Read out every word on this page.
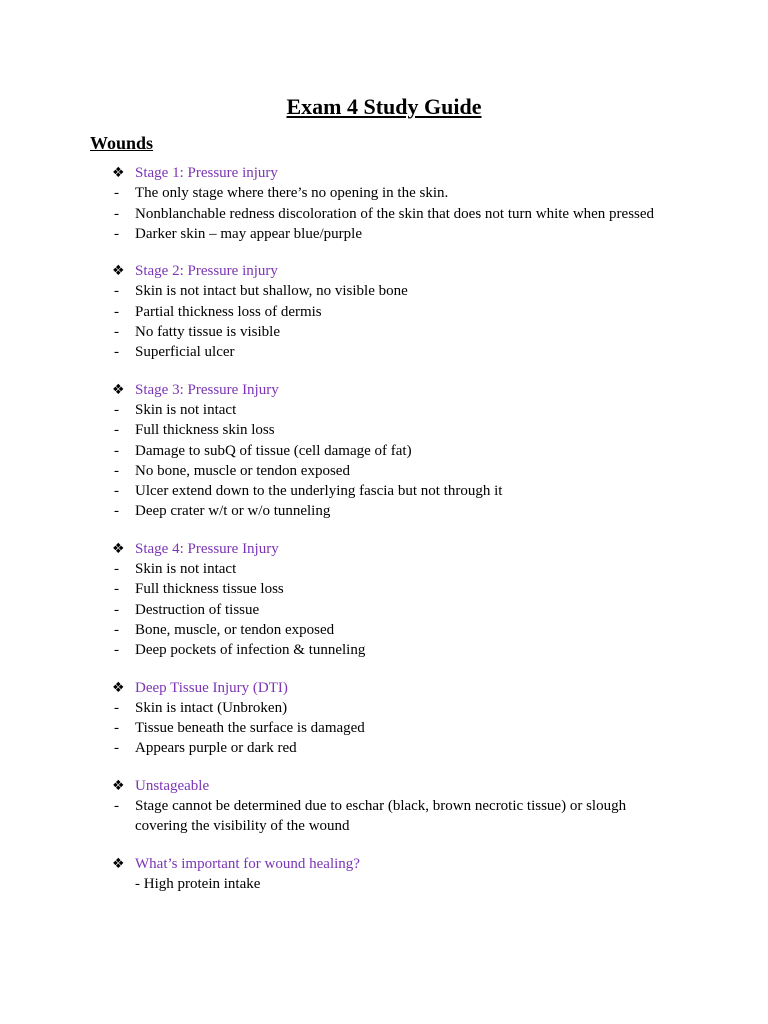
Exam 4 Study Guide
Wounds
❖ Stage 1: Pressure injury
-	The only stage where there’s no opening in the skin.
-	Nonblanchable redness discoloration of the skin that does not turn white when pressed
-	Darker skin – may appear blue/purple
❖ Stage 2: Pressure injury
-	Skin is not intact but shallow, no visible bone
-	Partial thickness loss of dermis
-	No fatty tissue is visible
-	Superficial ulcer
❖ Stage 3: Pressure Injury
-	Skin is not intact
-	Full thickness skin loss
-	Damage to subQ of tissue (cell damage of fat)
-	No bone, muscle or tendon exposed
-	Ulcer extend down to the underlying fascia but not through it
-	Deep crater w/t or w/o tunneling
❖ Stage 4: Pressure Injury
-	Skin is not intact
-	Full thickness tissue loss
-	Destruction of tissue
-	Bone, muscle, or tendon exposed
-	Deep pockets of infection & tunneling
❖ Deep Tissue Injury (DTI)
-	Skin is intact (Unbroken)
-	Tissue beneath the surface is damaged
-	Appears purple or dark red
❖ Unstageable
-	Stage cannot be determined due to eschar (black, brown necrotic tissue) or slough covering the visibility of the wound
❖ What’s important for wound healing?
- High protein intake
